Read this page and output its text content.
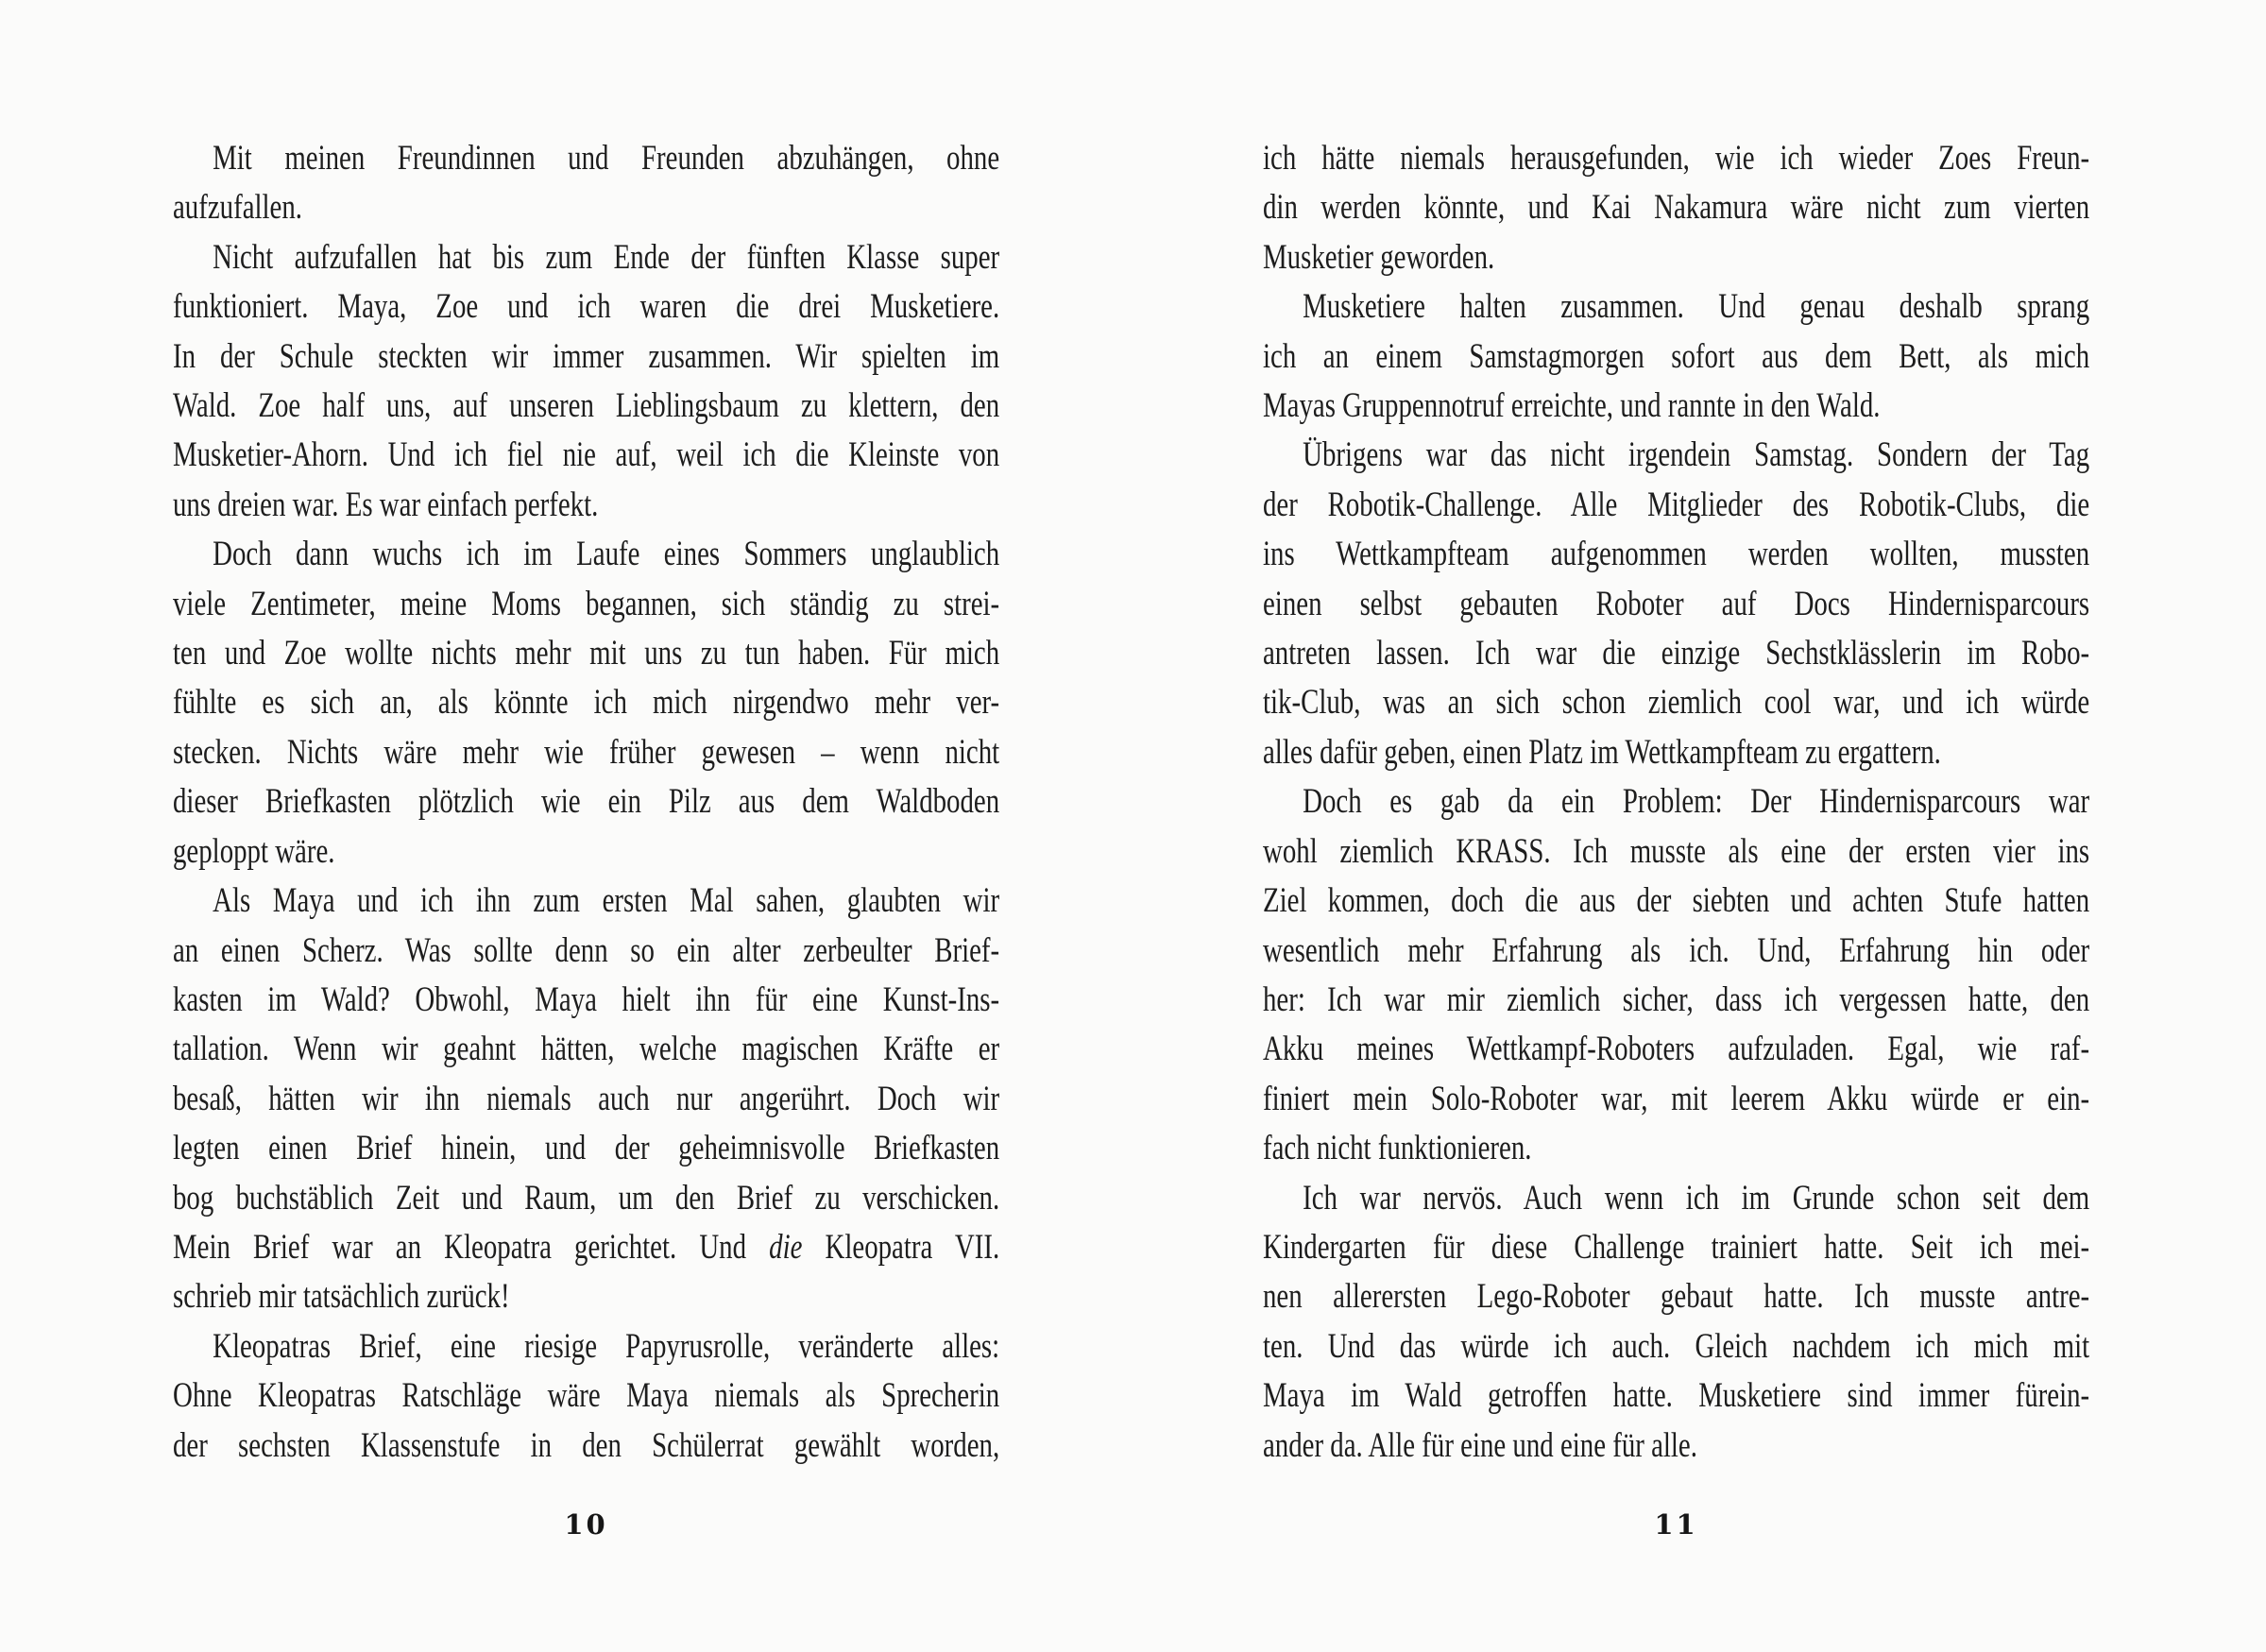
Mit meinen Freundinnen und Freunden abzuhängen, ohne
aufzufallen.
Nicht aufzufallen hat bis zum Ende der fünften Klasse super
funktioniert. Maya, Zoe und ich waren die drei Musketiere.
In der Schule steckten wir immer zusammen. Wir spielten im
Wald. Zoe half uns, auf unseren Lieblingsbaum zu klettern, den
Musketier-Ahorn. Und ich fiel nie auf, weil ich die Kleinste von
uns dreien war. Es war einfach perfekt.
Doch dann wuchs ich im Laufe eines Sommers unglaublich
viele Zentimeter, meine Moms begannen, sich ständig zu strei-
ten und Zoe wollte nichts mehr mit uns zu tun haben. Für mich
fühlte es sich an, als könnte ich mich nirgendwo mehr ver-
stecken. Nichts wäre mehr wie früher gewesen – wenn nicht
dieser Briefkasten plötzlich wie ein Pilz aus dem Waldboden
geploppt wäre.
Als Maya und ich ihn zum ersten Mal sahen, glaubten wir
an einen Scherz. Was sollte denn so ein alter zerbeulter Brief-
kasten im Wald? Obwohl, Maya hielt ihn für eine Kunst-Ins-
tallation. Wenn wir geahnt hätten, welche magischen Kräfte er
besaß, hätten wir ihn niemals auch nur angerührt. Doch wir
legten einen Brief hinein, und der geheimnisvolle Briefkasten
bog buchstäblich Zeit und Raum, um den Brief zu verschicken.
Mein Brief war an Kleopatra gerichtet. Und die Kleopatra VII.
schrieb mir tatsächlich zurück!
Kleopatras Brief, eine riesige Papyrusrolle, veränderte alles:
Ohne Kleopatras Ratschläge wäre Maya niemals als Sprecherin
der sechsten Klassenstufe in den Schülerrat gewählt worden,
ich hätte niemals herausgefunden, wie ich wieder Zoes Freun-
din werden könnte, und Kai Nakamura wäre nicht zum vierten
Musketier geworden.
Musketiere halten zusammen. Und genau deshalb sprang
ich an einem Samstagmorgen sofort aus dem Bett, als mich
Mayas Gruppennotruf erreichte, und rannte in den Wald.
Übrigens war das nicht irgendein Samstag. Sondern der Tag
der Robotik-Challenge. Alle Mitglieder des Robotik-Clubs, die
ins Wettkampfteam aufgenommen werden wollten, mussten
einen selbst gebauten Roboter auf Docs Hindernisparcours
antreten lassen. Ich war die einzige Sechstklässlerin im Robo-
tik-Club, was an sich schon ziemlich cool war, und ich würde
alles dafür geben, einen Platz im Wettkampfteam zu ergattern.
Doch es gab da ein Problem: Der Hindernisparcours war
wohl ziemlich KRASS. Ich musste als eine der ersten vier ins
Ziel kommen, doch die aus der siebten und achten Stufe hatten
wesentlich mehr Erfahrung als ich. Und, Erfahrung hin oder
her: Ich war mir ziemlich sicher, dass ich vergessen hatte, den
Akku meines Wettkampf-Roboters aufzuladen. Egal, wie raf-
finiert mein Solo-Roboter war, mit leerem Akku würde er ein-
fach nicht funktionieren.
Ich war nervös. Auch wenn ich im Grunde schon seit dem
Kindergarten für diese Challenge trainiert hatte. Seit ich mei-
nen allerersten Lego-Roboter gebaut hatte. Ich musste antre-
ten. Und das würde ich auch. Gleich nachdem ich mich mit
Maya im Wald getroffen hatte. Musketiere sind immer fürein-
ander da. Alle für eine und eine für alle.
10	11
